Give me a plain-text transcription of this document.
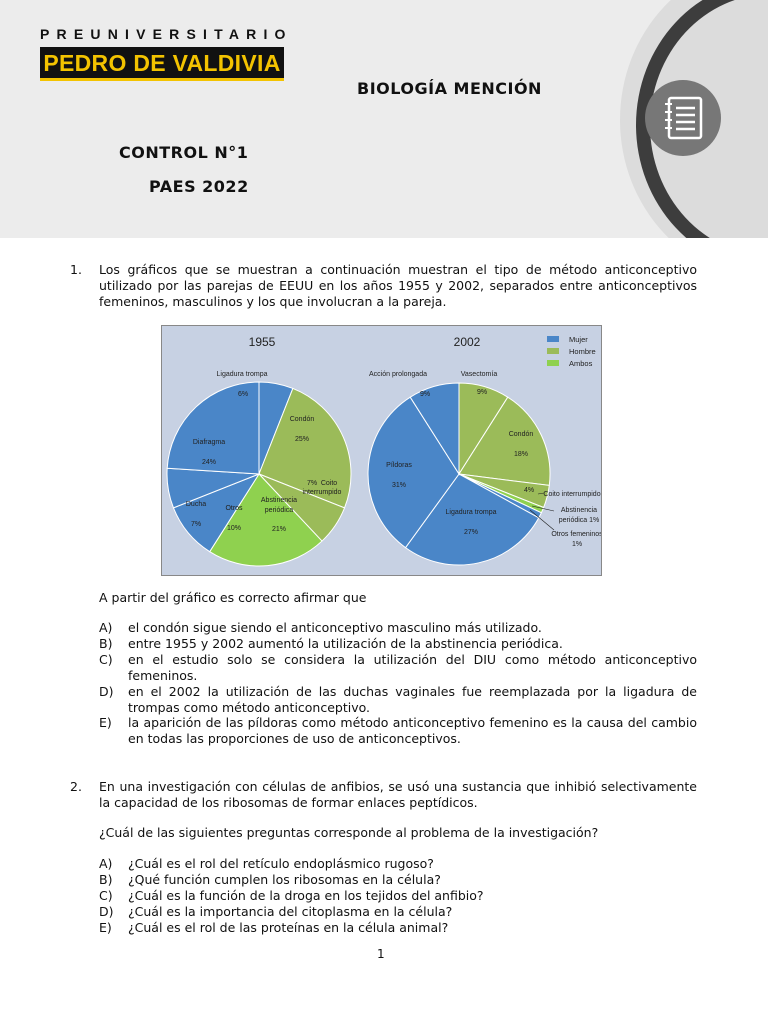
PREUNIVERSITARIO
PEDRO DE VALDIVIA
BIOLOGÍA MENCIÓN
CONTROL N°1
PAES 2022
1. Los gráficos que se muestran a continuación muestran el tipo de método anticonceptivo
utilizado por las parejas de EEUU en los años 1955 y 2002, separados entre anticonceptivos
femeninos, masculinos y los que involucran a la pareja.
1955	2002	Mujer
Hombre
Ambos
Ligadura trompa
6%
Condón
25%
7% Coito
interrumpido
Abstinencia
periódica
21%
Otros
10%
Ducha
7%
Diafragma
24%
Acción prolongada
9%
Vasectomía
9%
Condón
18%
4%
Coito interrumpido
Abstinencia
periódica 1%
Otros femeninos
1%
Ligadura trompa
27%
Píldoras
31%
A partir del gráfico es correcto afirmar que
A) el condón sigue siendo el anticonceptivo masculino más utilizado.
B) entre 1955 y 2002 aumentó la utilización de la abstinencia periódica.
C) en el estudio solo se considera la utilización del DIU como método anticonceptivo
femeninos.
D) en el 2002 la utilización de las duchas vaginales fue reemplazada por la ligadura de
trompas como método anticonceptivo.
E) la aparición de las píldoras como método anticonceptivo femenino es la causa del cambio
en todas las proporciones de uso de anticonceptivos.
2. En una investigación con células de anfibios, se usó una sustancia que inhibió selectivamente
la capacidad de los ribosomas de formar enlaces peptídicos.
¿Cuál de las siguientes preguntas corresponde al problema de la investigación?
A) ¿Cuál es el rol del retículo endoplásmico rugoso?
B) ¿Qué función cumplen los ribosomas en la célula?
C) ¿Cuál es la función de la droga en los tejidos del anfibio?
D) ¿Cuál es la importancia del citoplasma en la célula?
E) ¿Cuál es el rol de las proteínas en la célula animal?
1
